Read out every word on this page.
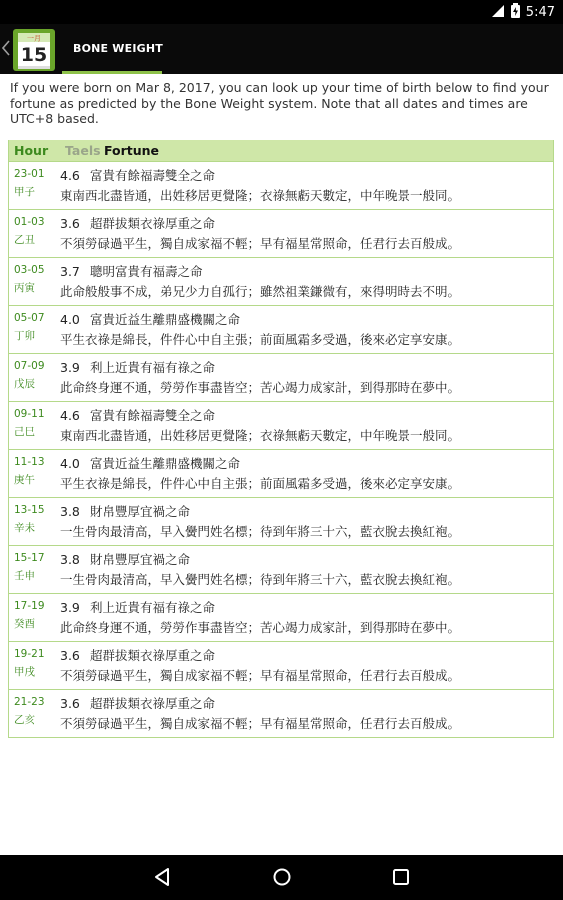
5:47
一月
15 BONE WEIGHT
If you were born on Mar 8, 2017, you can look up your time of birth below to find your fortune as predicted by the Bone Weight system. Note that all dates and times are UTC+8 based.
Hour	Taels Fortune
23-01
甲子
4.6 富貴有餘福壽雙全之命
東南西北盡皆通，出姓移居更覺隆；衣祿無虧天數定，中年晚景一般同。
01-03
乙丑
3.6 超群拔類衣祿厚重之命
不須勞碌過平生，獨自成家福不輕；早有福星常照命，任君行去百般成。
03-05
丙寅
3.7 聰明富貴有福壽之命
此命般般事不成，弟兄少力自孤行；雖然祖業鎌微有，來得明時去不明。
05-07
丁卯
4.0 富貴近益生離鼎盛機關之命
平生衣祿是綿長，件件心中自主張；前面風霜多受過，後來必定享安康。
07-09
戊辰
3.9 利上近貴有福有祿之命
此命終身運不通，勞勞作事盡皆空；苦心竭力成家計，到得那時在夢中。
09-11
己巳
4.6 富貴有餘福壽雙全之命
東南西北盡皆通，出姓移居更覺隆；衣祿無虧天數定，中年晚景一般同。
11-13
庚午
4.0 富貴近益生離鼎盛機關之命
平生衣祿是綿長，件件心中自主張；前面風霜多受過，後來必定享安康。
13-15
辛未
3.8 財帛豐厚宜禍之命
一生骨肉最清高，早入黌門姓名標；待到年將三十六，藍衣脫去換紅袍。
15-17
壬申
3.8 財帛豐厚宜禍之命
一生骨肉最清高，早入黌門姓名標；待到年將三十六，藍衣脫去換紅袍。
17-19
癸酉
3.9 利上近貴有福有祿之命
此命終身運不通，勞勞作事盡皆空；苦心竭力成家計，到得那時在夢中。
19-21
甲戌
3.6 超群拔類衣祿厚重之命
不須勞碌過平生，獨自成家福不輕；早有福星常照命，任君行去百般成。
21-23
乙亥
3.6 超群拔類衣祿厚重之命
不須勞碌過平生，獨自成家福不輕；早有福星常照命，任君行去百般成。
